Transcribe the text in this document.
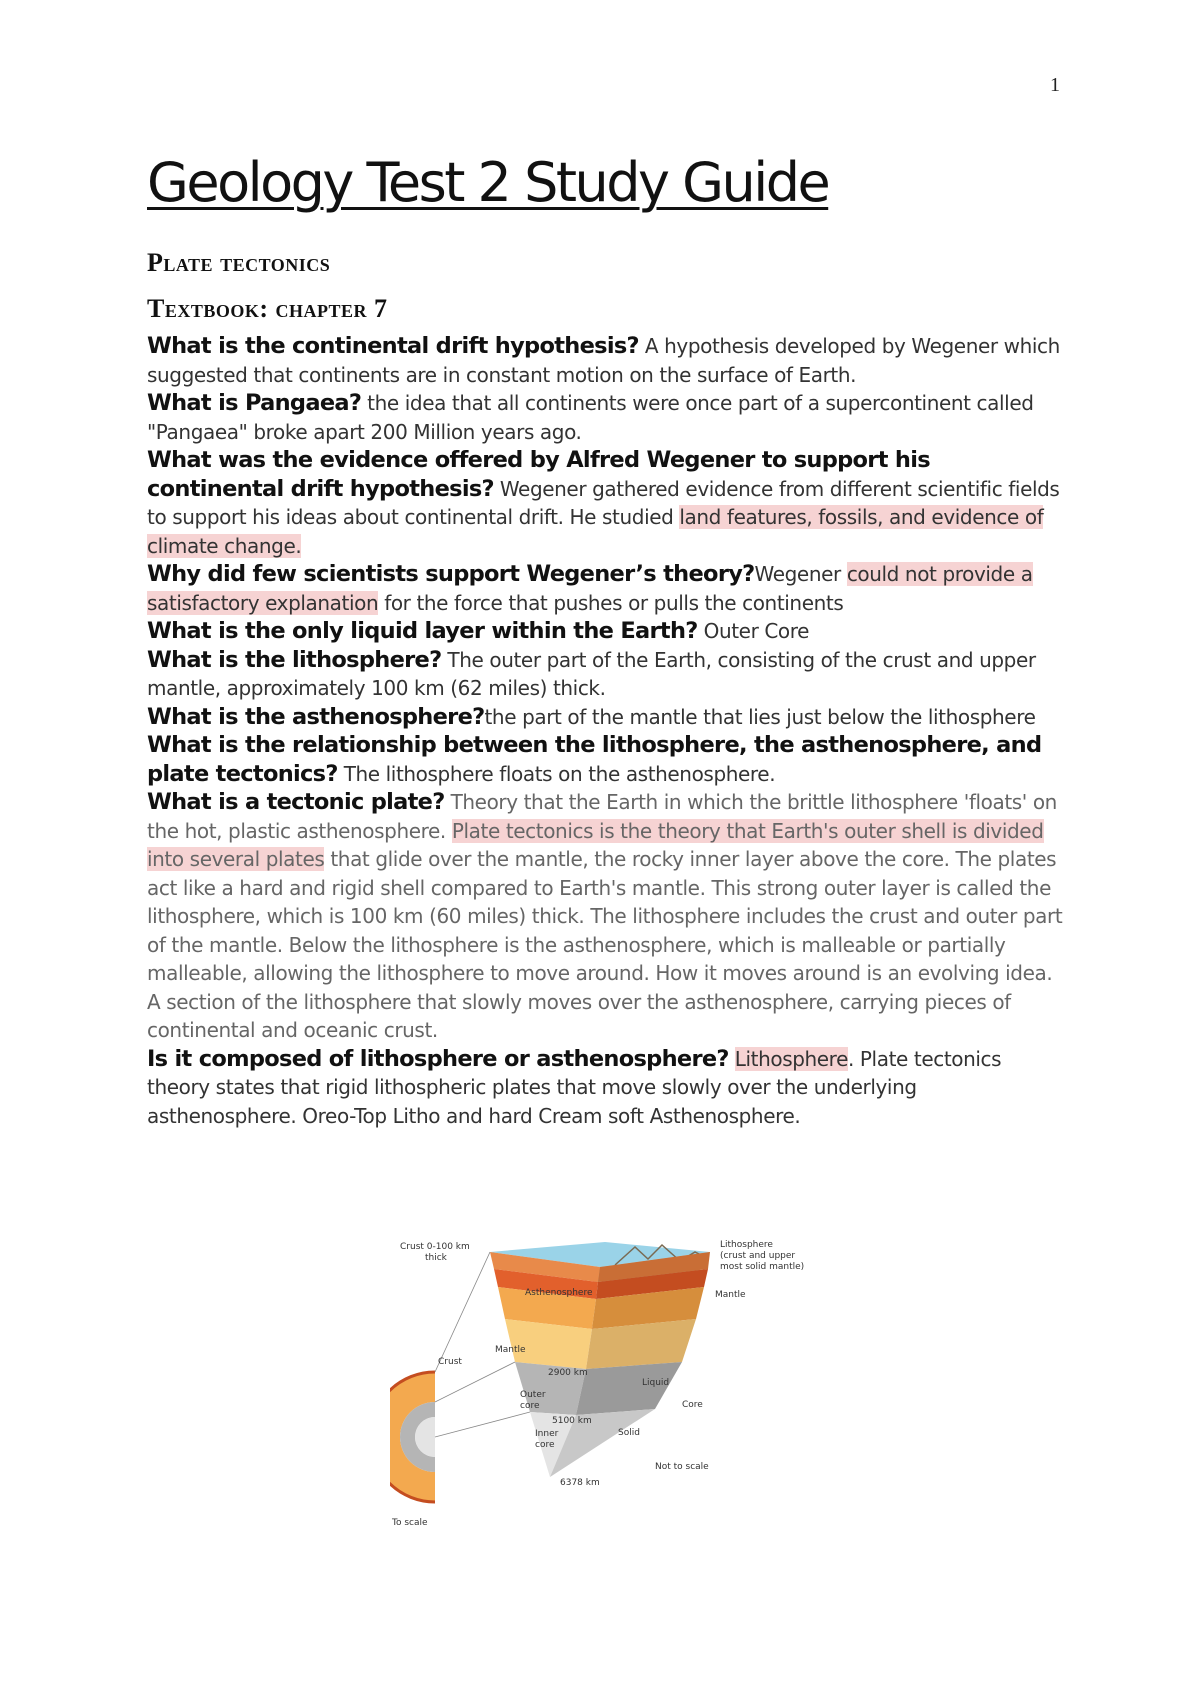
1
Geology Test 2 Study Guide
Plate tectonics
Textbook: chapter 7

What is the continental drift hypothesis? A hypothesis developed by Wegener which suggested that continents are in constant motion on the surface of Earth.

What is Pangaea? the idea that all continents were once part of a supercontinent called "Pangaea" broke apart 200 Million years ago.

What was the evidence offered by Alfred Wegener to support his continental drift hypothesis? Wegener gathered evidence from different scientific fields to support his ideas about continental drift. He studied land features, fossils, and evidence of climate change.

Why did few scientists support Wegener’s theory?Wegener could not provide a satisfactory explanation for the force that pushes or pulls the continents

What is the only liquid layer within the Earth? Outer Core

What is the lithosphere? The outer part of the Earth, consisting of the crust and upper mantle, approximately 100 km (62 miles) thick.

What is the asthenosphere?the part of the mantle that lies just below the lithosphere

What is the relationship between the lithosphere, the asthenosphere, and plate tectonics? The lithosphere floats on the asthenosphere.

What is a tectonic plate? Theory that the Earth in which the brittle lithosphere 'floats' on the hot, plastic asthenosphere. Plate tectonics is the theory that Earth's outer shell is divided into several plates that glide over the mantle, the rocky inner layer above the core. The plates act like a hard and rigid shell compared to Earth's mantle. This strong outer layer is called the lithosphere, which is 100 km (60 miles) thick. The lithosphere includes the crust and outer part of the mantle. Below the lithosphere is the asthenosphere, which is malleable or partially malleable, allowing the lithosphere to move around. How it moves around is an evolving idea. A section of the lithosphere that slowly moves over the asthenosphere, carrying pieces of continental and oceanic crust.

Is it composed of lithosphere or asthenosphere? Lithosphere. Plate tectonics theory states that rigid lithospheric plates that move slowly over the underlying asthenosphere. Oreo-Top Litho and hard Cream soft Asthenosphere.

Crust 0-100 km
thick
Lithosphere
(crust and upper
most solid mantle)
Asthenosphere	Mantle
Mantle
Crust
2900 km
Liquid
Outer
core	Core
5100 km
Inner
core
Solid
Not to scale
6378 km
To scale
